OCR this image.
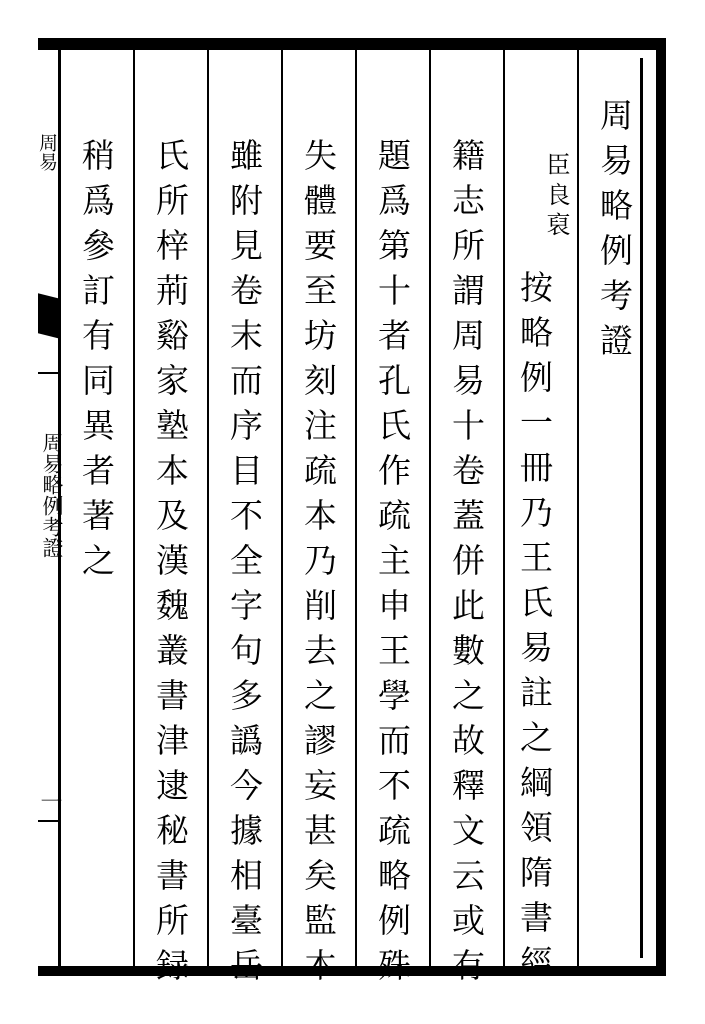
周易
周易略例考證
一
周易略例考證
臣良裒
按略例一冊乃王氏易註之綱領隋書經
籍志所謂周易十卷蓋併此數之故釋文云或有
題爲第十者孔氏作疏主申王學而不疏略例殊
失體要至坊刻注疏本乃削去之謬妄甚矣監本
雖附見卷末而序目不全字句多譌今據相臺岳
氏所梓荊谿家塾本及漢魏叢書津逮秘書所録
稍爲參訂有同異者著之
